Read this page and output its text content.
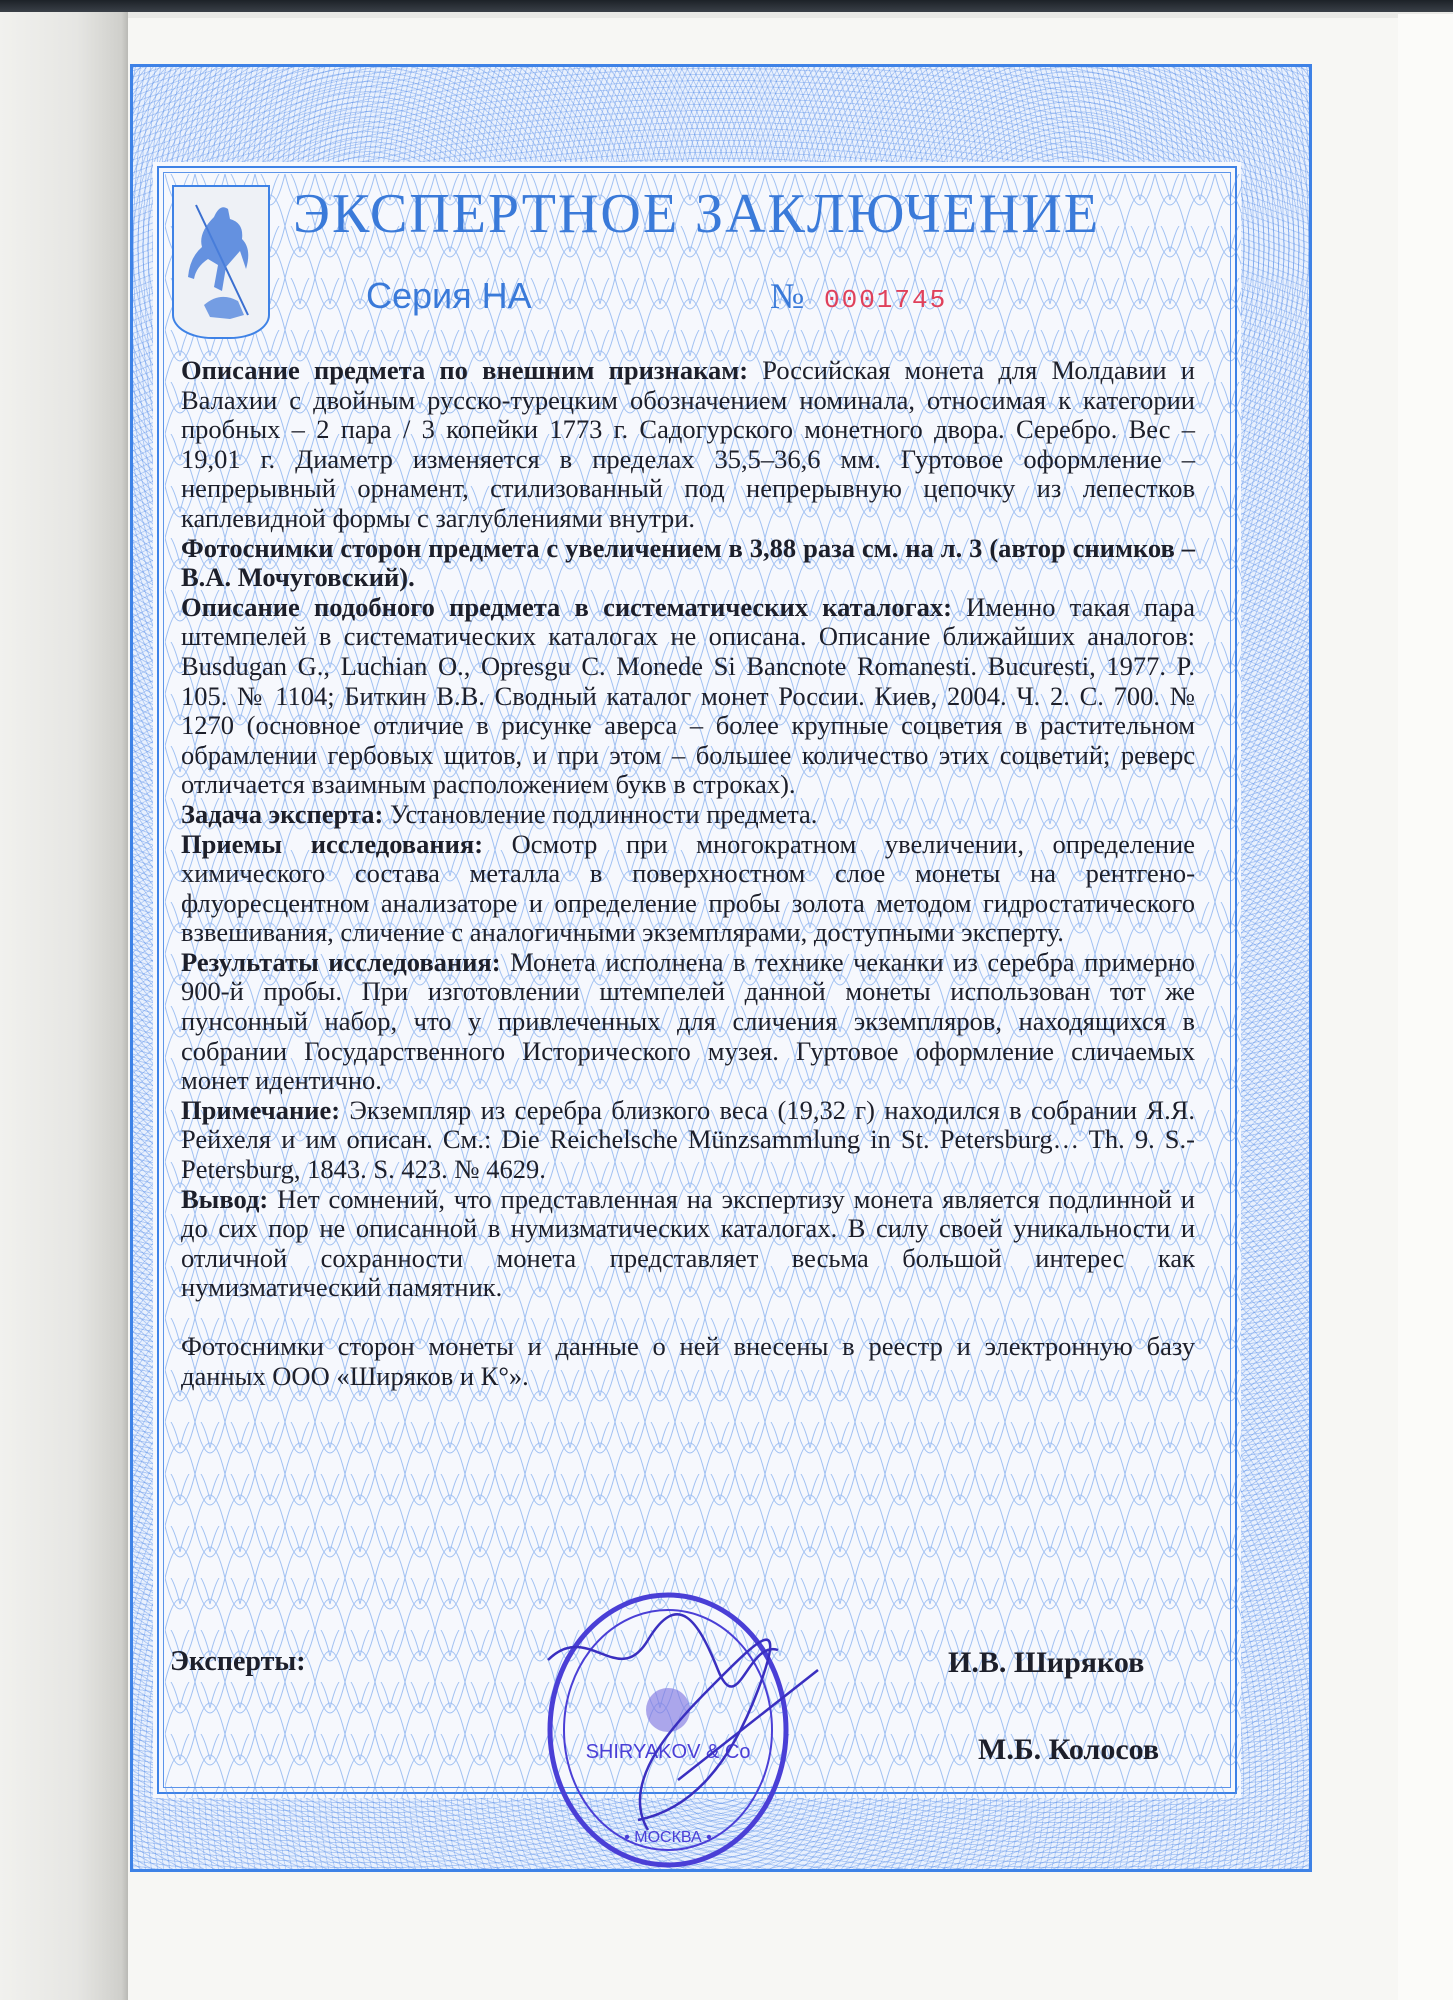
ЭКСПЕРТНОЕ ЗАКЛЮЧЕНИЕ
Серия НА	№ 0001745

Описание предмета по внешним признакам: Российская монета для Молдавии и Валахии с двойным русско-турецким обозначением номинала, относимая к категории пробных – 2 пара / 3 копейки 1773 г. Садогурского монетного двора. Серебро. Вес – 19,01 г. Диаметр изменяется в пределах 35,5–36,6 мм. Гуртовое оформление – непрерывный орнамент, стилизованный под непрерывную цепочку из лепестков каплевидной формы с заглублениями внутри.

Фотоснимки сторон предмета с увеличением в 3,88 раза см. на л. 3 (автор снимков – В.А. Мочуговский).

Описание подобного предмета в систематических каталогах: Именно такая пара штемпелей в систематических каталогах не описана. Описание ближайших аналогов: Busdugan G., Luchian O., Opresgu C. Monede Si Bancnote Romanesti. Bucuresti, 1977. P. 105. № 1104; Биткин В.В. Сводный каталог монет России. Киев, 2004. Ч. 2. С. 700. № 1270 (основное отличие в рисунке аверса – более крупные соцветия в растительном обрамлении гербовых щитов, и при этом – большее количество этих соцветий; реверс отличается взаимным расположением букв в строках).

Задача эксперта: Установление подлинности предмета.

Приемы исследования: Осмотр при многократном увеличении, определение химического состава металла в поверхностном слое монеты на рентгено-флуоресцентном анализаторе и определение пробы золота методом гидростатического взвешивания, сличение с аналогичными экземплярами, доступными эксперту.

Результаты исследования: Монета исполнена в технике чеканки из серебра примерно 900-й пробы. При изготовлении штемпелей данной монеты использован тот же пунсонный набор, что у привлеченных для сличения экземпляров, находящихся в собрании Государственного Исторического музея. Гуртовое оформление сличаемых монет идентично.

Примечание: Экземпляр из серебра близкого веса (19,32 г) находился в собрании Я.Я. Рейхеля и им описан. См.: Die Reichelsche Münzsammlung in St. Petersburg… Th. 9. S.-Petersburg, 1843. S. 423. № 4629.

Вывод: Нет сомнений, что представленная на экспертизу монета является подлинной и до сих пор не описанной в нумизматических каталогах. В силу своей уникальности и отличной сохранности монета представляет весьма большой интерес как нумизматический памятник.

Фотоснимки сторон монеты и данные о ней внесены в реестр и электронную базу данных ООО «Ширяков и К°».

Эксперты:
SHIRYAKOV & Co
• МОСКВА •
И.В. Ширяков
М.Б. Колосов
